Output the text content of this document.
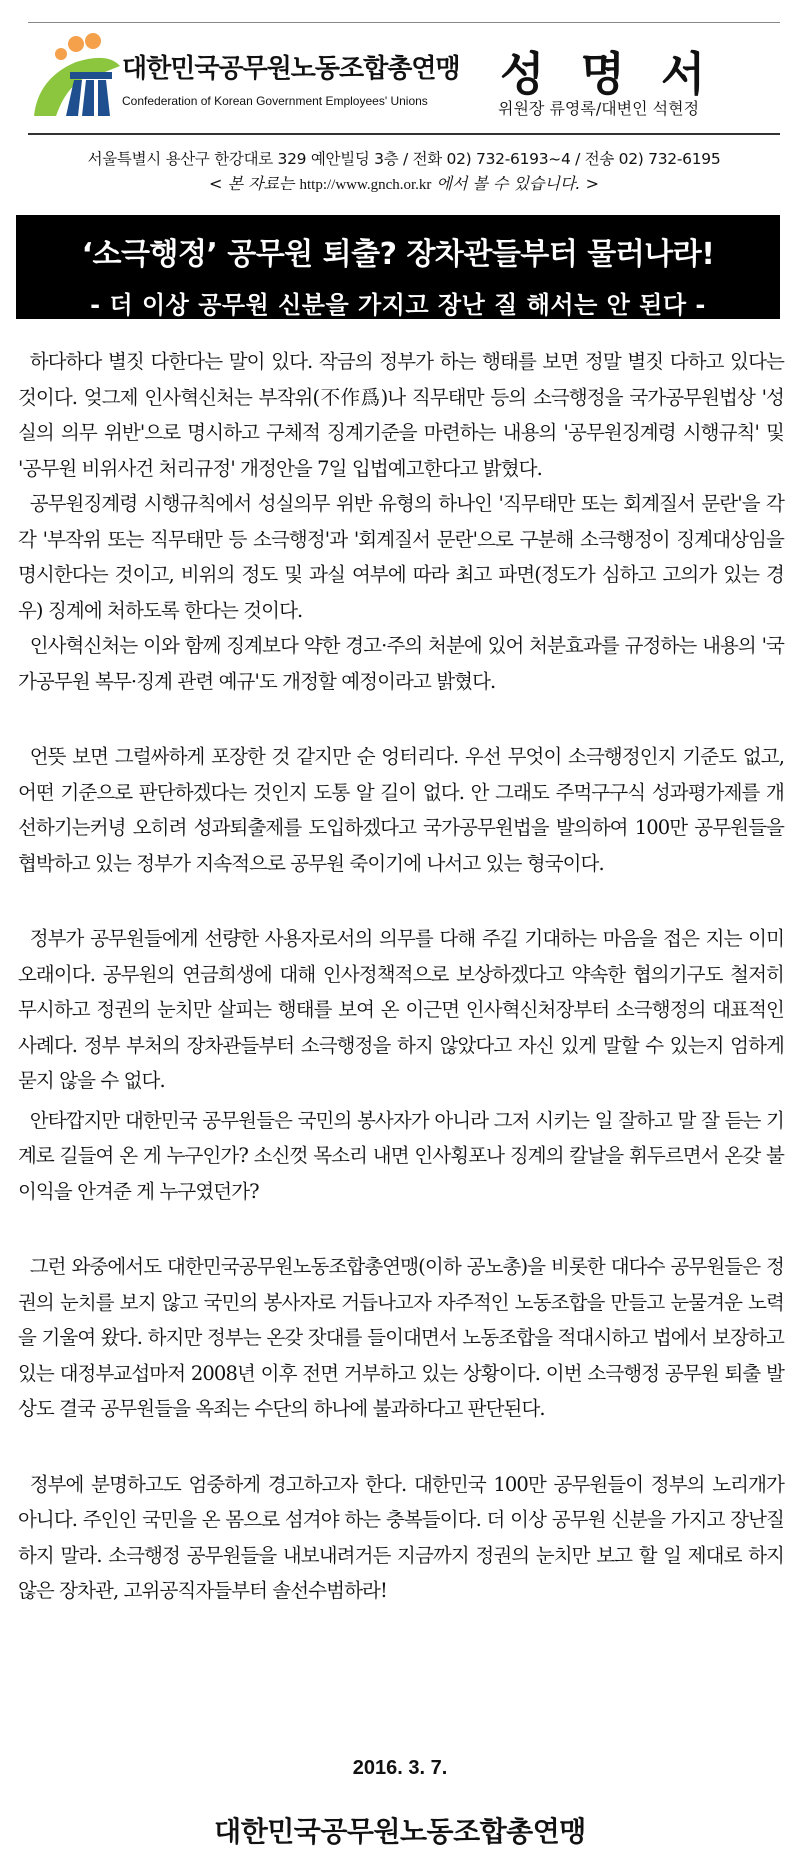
대한민국공무원노동조합총연맹
Confederation of Korean Government Employees' Unions 성 명 서
위원장 류영록/대변인 석현정
서울특별시 용산구 한강대로 329 예안빌딩 3층 / 전화 02) 732-6193~4 / 전송 02) 732-6195
< 본 자료는 http://www.gnch.or.kr 에서 볼 수 있습니다. >
‘소극행정’ 공무원 퇴출? 장차관들부터 물러나라!
- 더 이상 공무원 신분을 가지고 장난 질 해서는 안 된다 -

하다하다 별짓 다한다는 말이 있다. 작금의 정부가 하는 행태를 보면 정말 별짓 다하고 있다는 것이다. 엊그제 인사혁신처는 부작위(不作爲)나 직무태만 등의 소극행정을 국가공무원법상 '성실의 의무 위반'으로 명시하고 구체적 징계기준을 마련하는 내용의 '공무원징계령 시행규칙' 및 '공무원 비위사건 처리규정' 개정안을 7일 입법예고한다고 밝혔다.

공무원징계령 시행규칙에서 성실의무 위반 유형의 하나인 '직무태만 또는 회계질서 문란'을 각각 '부작위 또는 직무태만 등 소극행정'과 '회계질서 문란'으로 구분해 소극행정이 징계대상임을 명시한다는 것이고, 비위의 정도 및 과실 여부에 따라 최고 파면(정도가 심하고 고의가 있는 경우) 징계에 처하도록 한다는 것이다.

인사혁신처는 이와 함께 징계보다 약한 경고·주의 처분에 있어 처분효과를 규정하는 내용의 '국가공무원 복무·징계 관련 예규'도 개정할 예정이라고 밝혔다.

언뜻 보면 그럴싸하게 포장한 것 같지만 순 엉터리다. 우선 무엇이 소극행정인지 기준도 없고, 어떤 기준으로 판단하겠다는 것인지 도통 알 길이 없다. 안 그래도 주먹구구식 성과평가제를 개선하기는커녕 오히려 성과퇴출제를 도입하겠다고 국가공무원법을 발의하여 100만 공무원들을 협박하고 있는 정부가 지속적으로 공무원 죽이기에 나서고 있는 형국이다.

정부가 공무원들에게 선량한 사용자로서의 의무를 다해 주길 기대하는 마음을 접은 지는 이미 오래이다. 공무원의 연금희생에 대해 인사정책적으로 보상하겠다고 약속한 협의기구도 철저히 무시하고 정권의 눈치만 살피는 행태를 보여 온 이근면 인사혁신처장부터 소극행정의 대표적인 사례다. 정부 부처의 장차관들부터 소극행정을 하지 않았다고 자신 있게 말할 수 있는지 엄하게 묻지 않을 수 없다.

안타깝지만 대한민국 공무원들은 국민의 봉사자가 아니라 그저 시키는 일 잘하고 말 잘 듣는 기계로 길들여 온 게 누구인가? 소신껏 목소리 내면 인사횡포나 징계의 칼날을 휘두르면서 온갖 불이익을 안겨준 게 누구였던가?

그런 와중에서도 대한민국공무원노동조합총연맹(이하 공노총)을 비롯한 대다수 공무원들은 정권의 눈치를 보지 않고 국민의 봉사자로 거듭나고자 자주적인 노동조합을 만들고 눈물겨운 노력을 기울여 왔다. 하지만 정부는 온갖 잣대를 들이대면서 노동조합을 적대시하고 법에서 보장하고 있는 대정부교섭마저 2008년 이후 전면 거부하고 있는 상황이다. 이번 소극행정 공무원 퇴출 발상도 결국 공무원들을 옥죄는 수단의 하나에 불과하다고 판단된다.

정부에 분명하고도 엄중하게 경고하고자 한다. 대한민국 100만 공무원들이 정부의 노리개가 아니다. 주인인 국민을 온 몸으로 섬겨야 하는 충복들이다. 더 이상 공무원 신분을 가지고 장난질 하지 말라. 소극행정 공무원들을 내보내려거든 지금까지 정권의 눈치만 보고 할 일 제대로 하지 않은 장차관, 고위공직자들부터 솔선수범하라!

2016. 3. 7.
대한민국공무원노동조합총연맹
